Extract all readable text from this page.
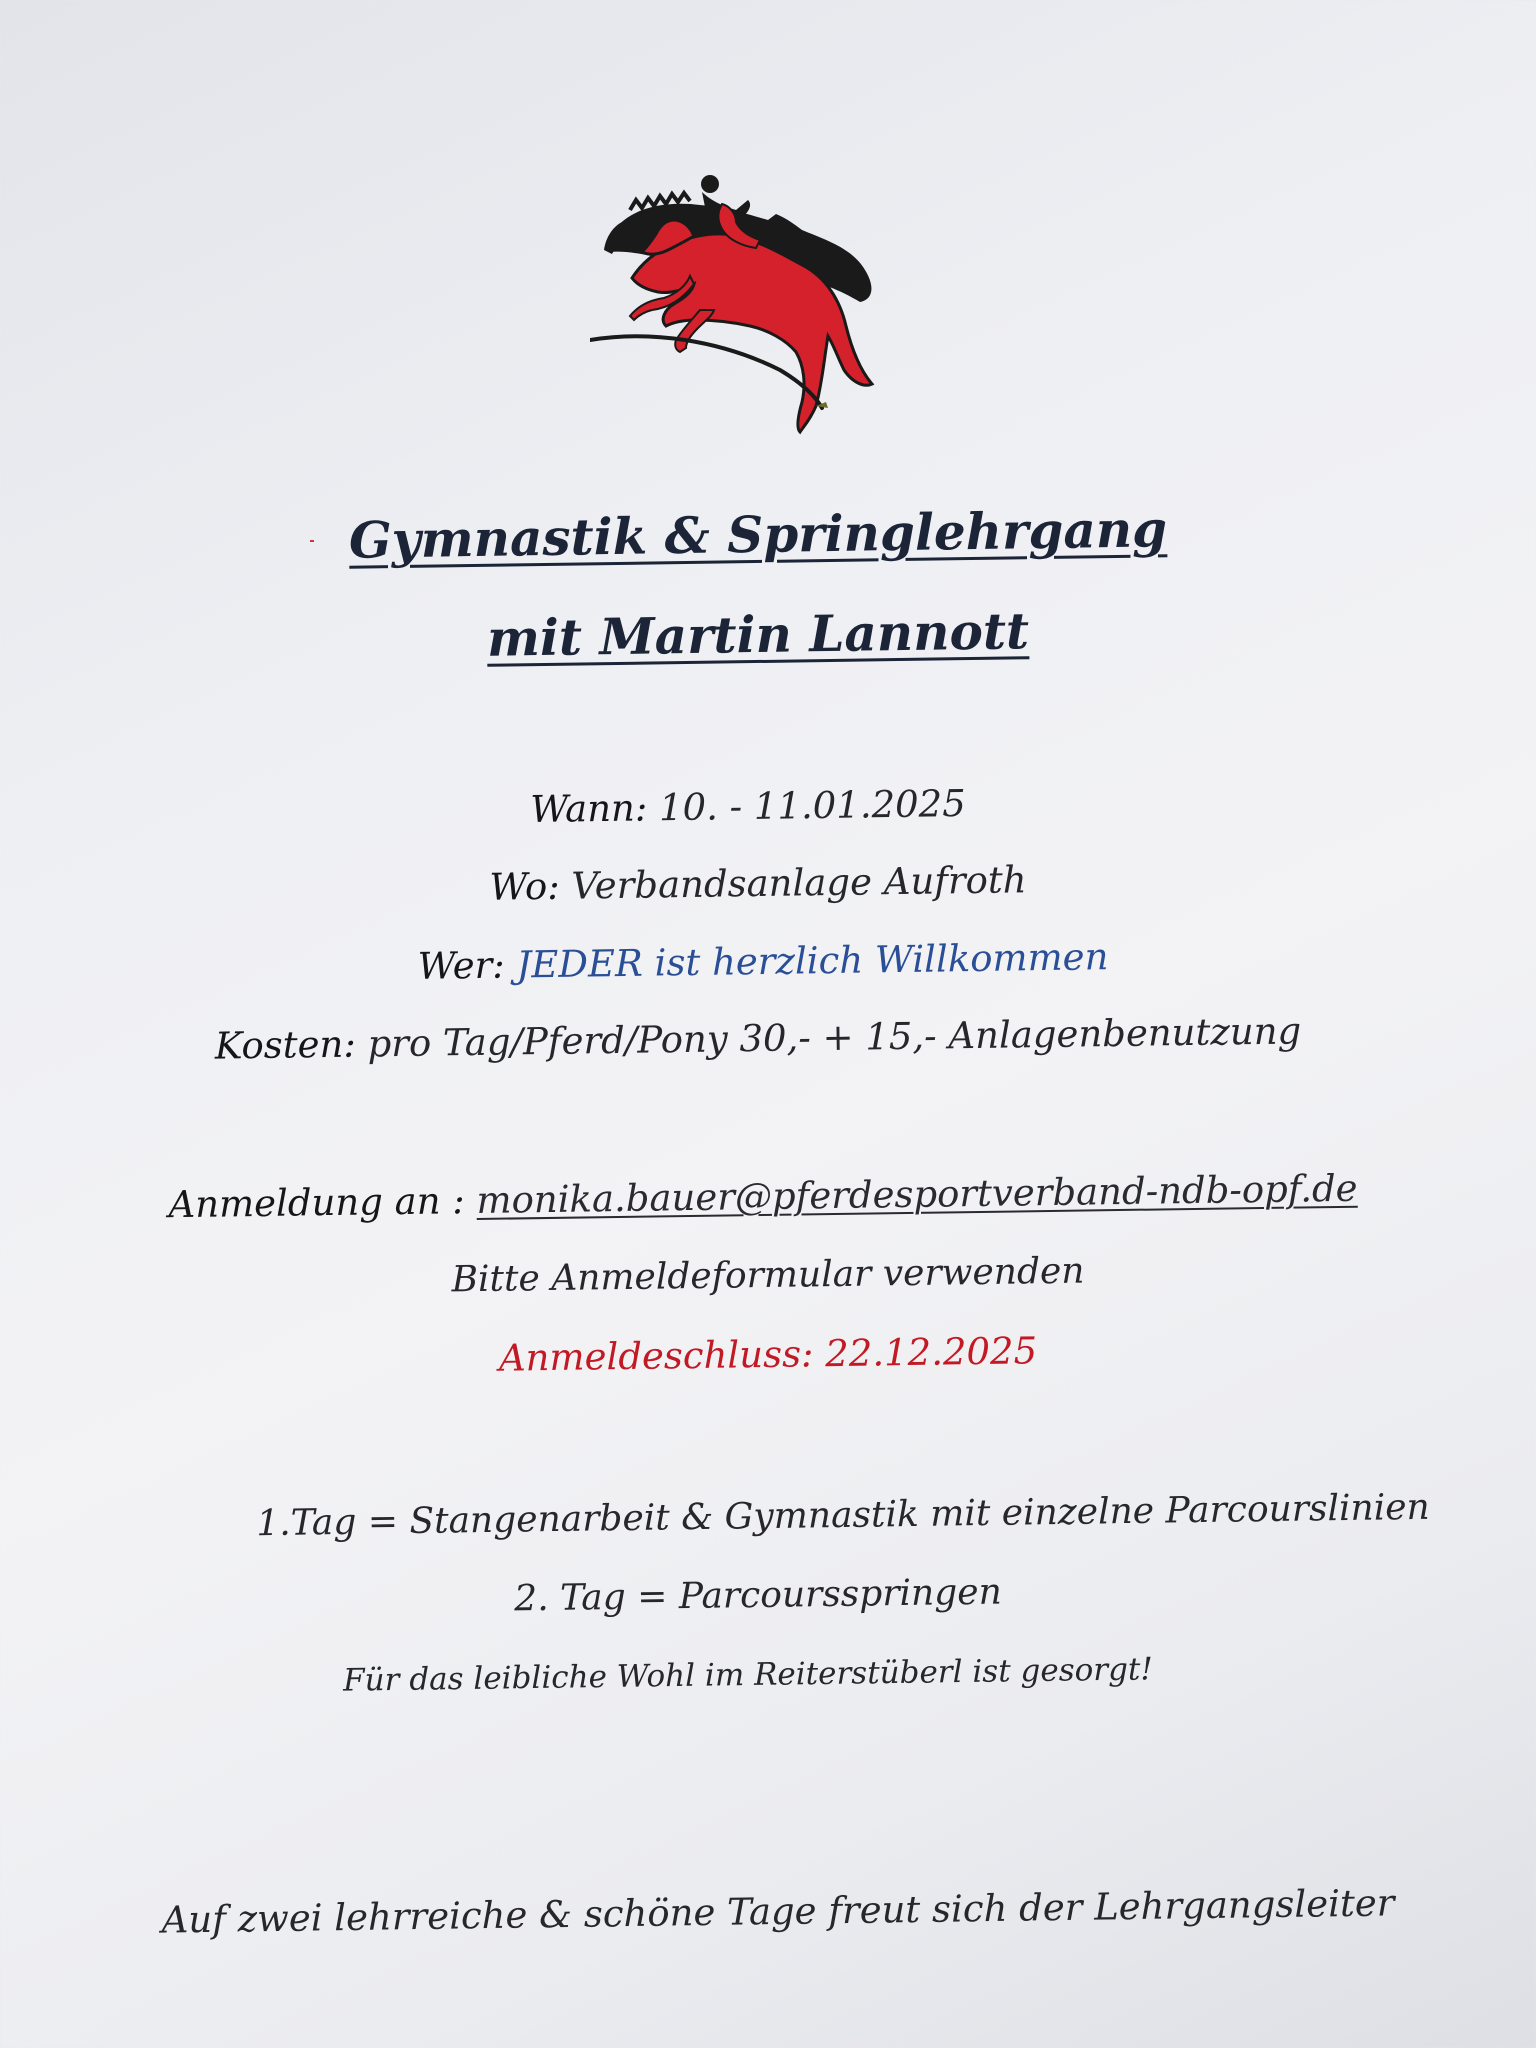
Gymnastik & Springlehrgang
mit Martin Lannott
Wann: 10. - 11.01.2025
Wo: Verbandsanlage Aufroth
Wer: JEDER ist herzlich Willkommen
Kosten: pro Tag/Pferd/Pony 30,- + 15,- Anlagenbenutzung
Anmeldung an : monika.bauer@pferdesportverband-ndb-opf.de
Bitte Anmeldeformular verwenden
Anmeldeschluss: 22.12.2025
1.Tag = Stangenarbeit & Gymnastik mit einzelne Parcourslinien
2. Tag = Parcoursspringen
Für das leibliche Wohl im Reiterstüberl ist gesorgt!
Auf zwei lehrreiche & schöne Tage freut sich der Lehrgangsleiter
